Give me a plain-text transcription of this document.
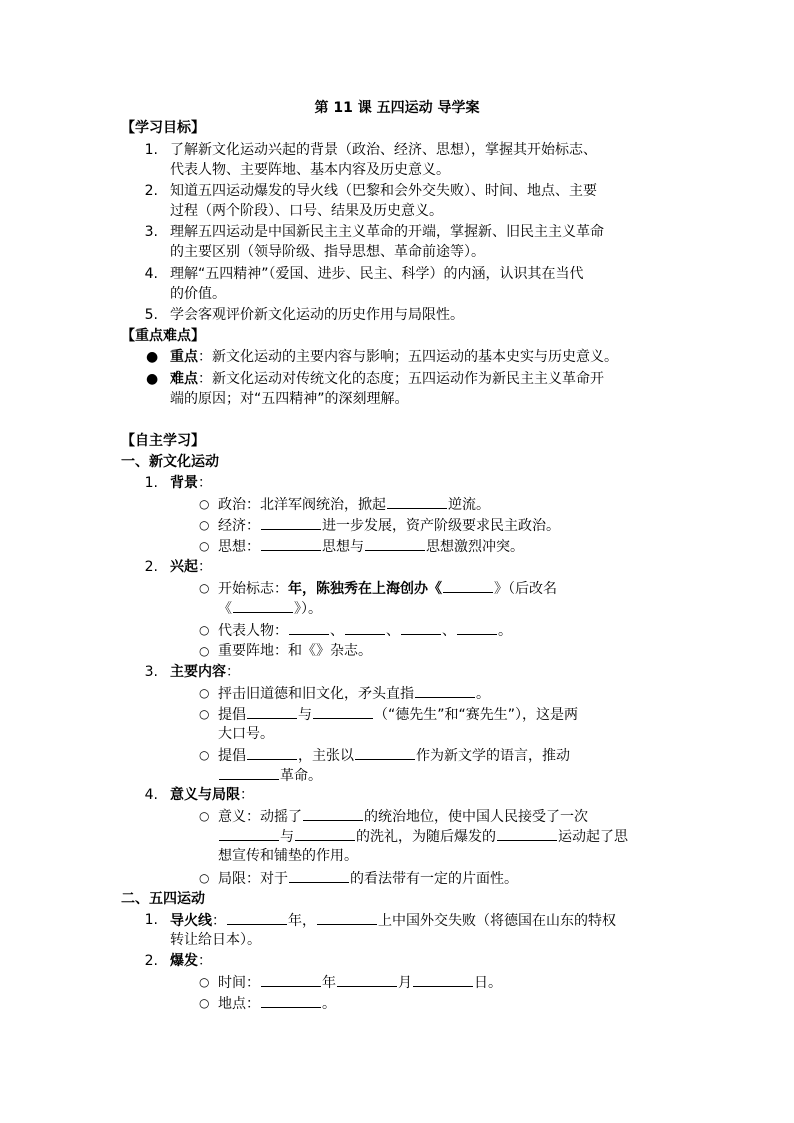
第 11 课 五四运动 导学案
【学习目标】
1. 了解新文化运动兴起的背景（政治、经济、思想），掌握其开始标志、
代表人物、主要阵地、基本内容及历史意义。
2. 知道五四运动爆发的导火线（巴黎和会外交失败）、时间、地点、主要
过程（两个阶段）、口号、结果及历史意义。
3. 理解五四运动是中国新民主主义革命的开端，掌握新、旧民主主义革命
的主要区别（领导阶级、指导思想、革命前途等）。
4. 理解“五四精神”（爱国、进步、民主、科学）的内涵，认识其在当代
的价值。
5. 学会客观评价新文化运动的历史作用与局限性。
【重点难点】
● 重点：新文化运动的主要内容与影响；五四运动的基本史实与历史意义。
● 难点：新文化运动对传统文化的态度；五四运动作为新民主主义革命开
端的原因；对“五四精神”的深刻理解。
【自主学习】
一、新文化运动
1. 背景：
○ 政治：北洋军阀统治，掀起	逆流。
○ 经济：	进一步发展，资产阶级要求民主政治。
○ 思想：	思想与	思想激烈冲突。
2. 兴起：
○ 开始标志：年，陈独秀在上海创办《	》（后改名
《	》）。
○ 代表人物：	、	、	、	。
○ 重要阵地：和《》杂志。
3. 主要内容：
○ 抨击旧道德和旧文化，矛头直指	。
○ 提倡	与	（“德先生”和“赛先生”），这是两
大口号。
○ 提倡	，主张以	作为新文学的语言，推动
革命。
4. 意义与局限：
○ 意义：动摇了	的统治地位，使中国人民接受了一次
与	的洗礼，为随后爆发的	运动起了思
想宣传和铺垫的作用。
○ 局限：对于	的看法带有一定的片面性。
二、五四运动
1. 导火线：	年，	上中国外交失败（将德国在山东的特权
转让给日本）。
2. 爆发：
○ 时间：	年	月	日。
○ 地点：	。
